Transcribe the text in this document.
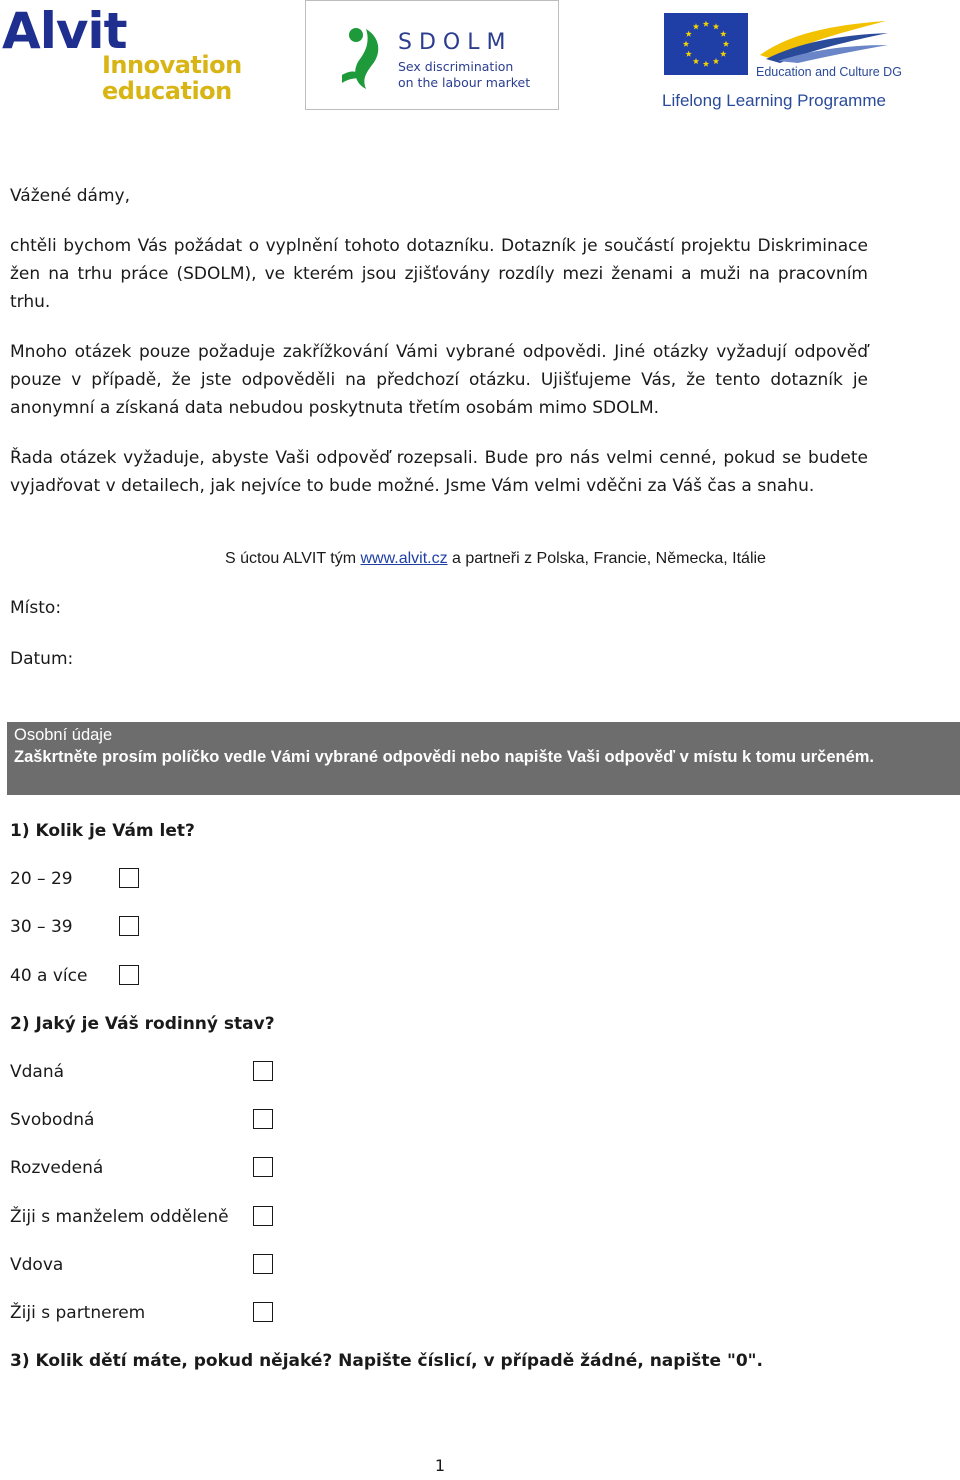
Alvit
Innovation
education
SDOLM
Sex discrimination
on the labour market
Education and Culture DG
Lifelong Learning Programme
Vážené dámy,
chtěli bychom Vás požádat o vyplnění tohoto dotazníku. Dotazník je součástí projektu Diskriminace žen na trhu práce (SDOLM), ve kterém jsou zjišťovány rozdíly mezi ženami a muži na pracovním trhu.
Mnoho otázek pouze požaduje zakřížkování Vámi vybrané odpovědi. Jiné otázky vyžadují odpověď pouze v případě, že jste odpověděli na předchozí otázku. Ujišťujeme Vás, že tento dotazník je anonymní a získaná data nebudou poskytnuta třetím osobám mimo SDOLM.
Řada otázek vyžaduje, abyste Vaši odpověď rozepsali. Bude pro nás velmi cenné, pokud se budete vyjadřovat v detailech, jak nejvíce to bude možné. Jsme Vám velmi vděčni za Váš čas a snahu.
S úctou ALVIT tým www.alvit.cz a partneři z Polska, Francie, Německa, Itálie
Místo:
Datum:
Osobní údaje
Zaškrtněte prosím políčko vedle Vámi vybrané odpovědi nebo napište Vaši odpověď v místu k tomu určeném.
1) Kolik je Vám let?
20 – 29
30 – 39
40 a více
2) Jaký je Váš rodinný stav?
Vdaná
Svobodná
Rozvedená
Žiji s manželem odděleně
Vdova
Žiji s partnerem
3) Kolik dětí máte, pokud nějaké? Napište číslicí, v případě žádné, napište "0".
1
